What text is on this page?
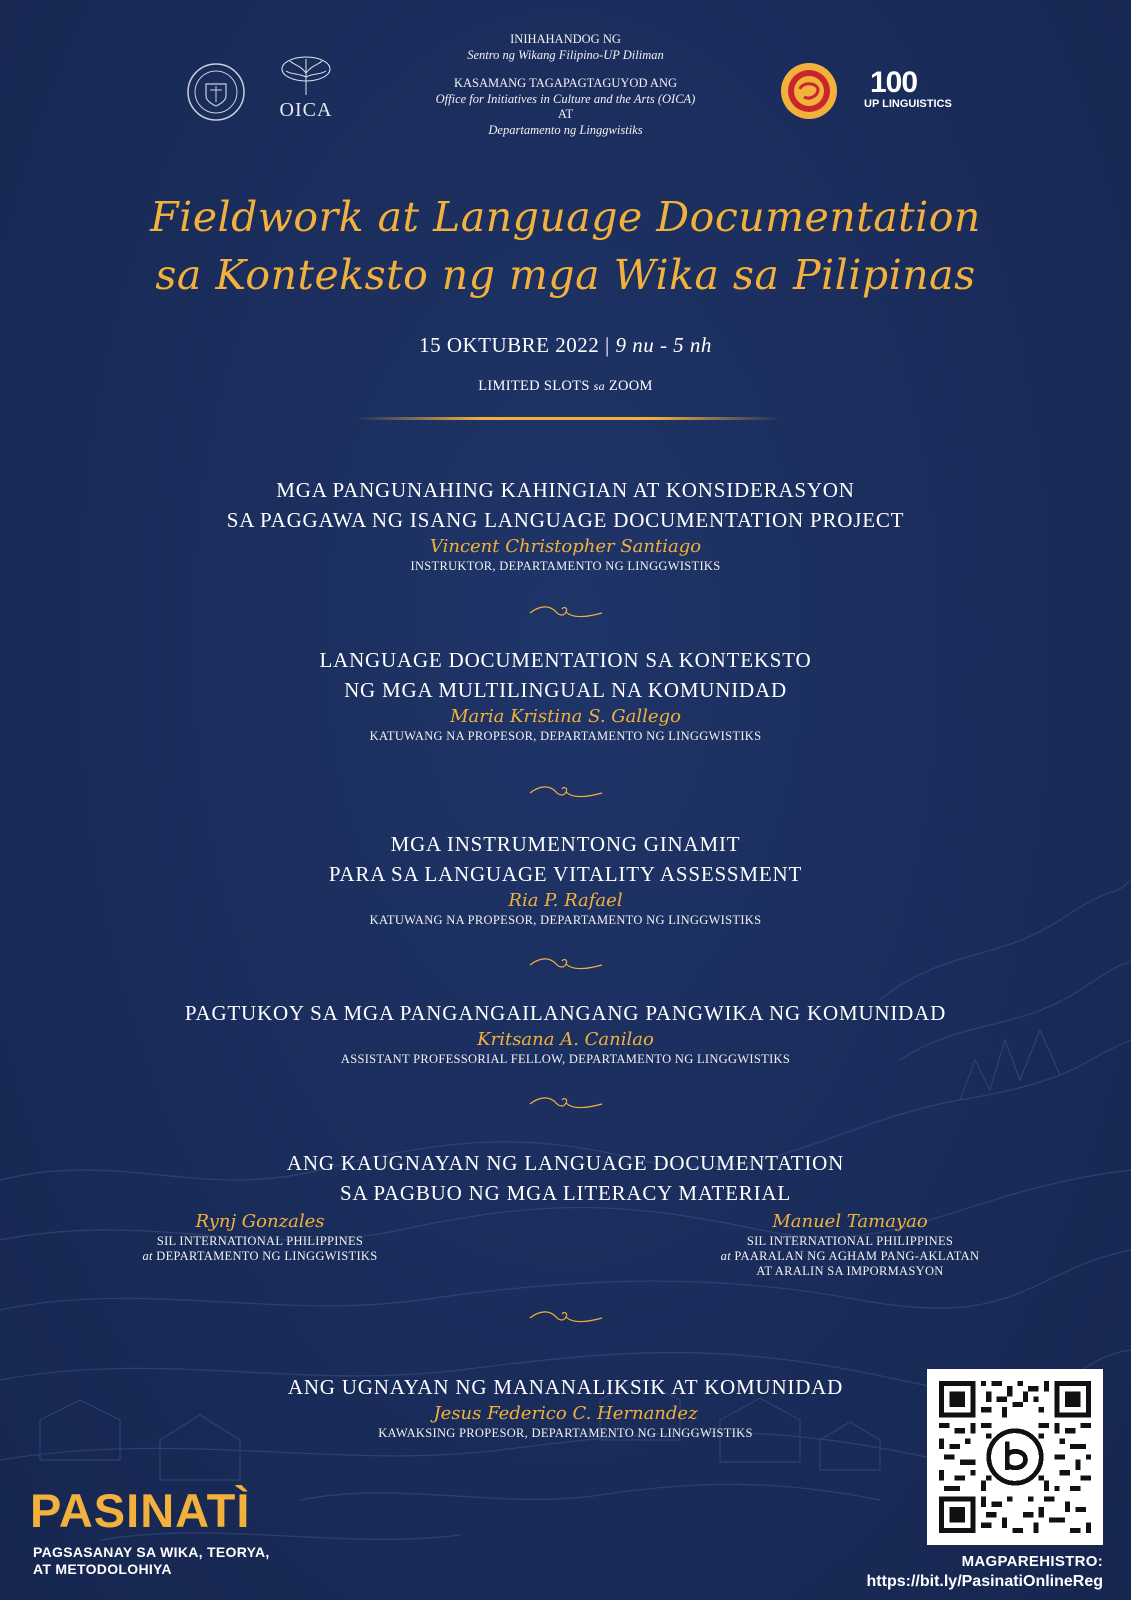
OICA
100
UP LINGUISTICS
INIHAHANDOG NG
Sentro ng Wikang Filipino-UP Diliman
KASAMANG TAGAPAGTAGUYOD ANG
Office for Initiatives in Culture and the Arts (OICA)
AT
Departamento ng Linggwistiks
Fieldwork at Language Documentation
sa Konteksto ng mga Wika sa Pilipinas
15 OKTUBRE 2022 | 9 nu - 5 nh
LIMITED SLOTS sa ZOOM
MGA PANGUNAHING KAHINGIAN AT KONSIDERASYON
SA PAGGAWA NG ISANG LANGUAGE DOCUMENTATION PROJECT
Vincent Christopher Santiago
INSTRUKTOR, DEPARTAMENTO NG LINGGWISTIKS
LANGUAGE DOCUMENTATION SA KONTEKSTO
NG MGA MULTILINGUAL NA KOMUNIDAD
Maria Kristina S. Gallego
KATUWANG NA PROPESOR, DEPARTAMENTO NG LINGGWISTIKS
MGA INSTRUMENTONG GINAMIT
PARA SA LANGUAGE VITALITY ASSESSMENT
Ria P. Rafael
KATUWANG NA PROPESOR, DEPARTAMENTO NG LINGGWISTIKS
PAGTUKOY SA MGA PANGANGAILANGANG PANGWIKA NG KOMUNIDAD
Kritsana A. Canilao
ASSISTANT PROFESSORIAL FELLOW, DEPARTAMENTO NG LINGGWISTIKS
ANG KAUGNAYAN NG LANGUAGE DOCUMENTATION
SA PAGBUO NG MGA LITERACY MATERIAL
Rynj Gonzales
SIL INTERNATIONAL PHILIPPINES
at DEPARTAMENTO NG LINGGWISTIKS
Manuel Tamayao
SIL INTERNATIONAL PHILIPPINES
at PAARALAN NG AGHAM PANG-AKLATAN
AT ARALIN SA IMPORMASYON
ANG UGNAYAN NG MANANALIKSIK AT KOMUNIDAD
Jesus Federico C. Hernandez
KAWAKSING PROPESOR, DEPARTAMENTO NG LINGGWISTIKS
PASINATÌ
PAGSASANAY SA WIKA, TEORYA,
AT METODOLOHIYA	MAGPAREHISTRO:
https://bit.ly/PasinatiOnlineReg
